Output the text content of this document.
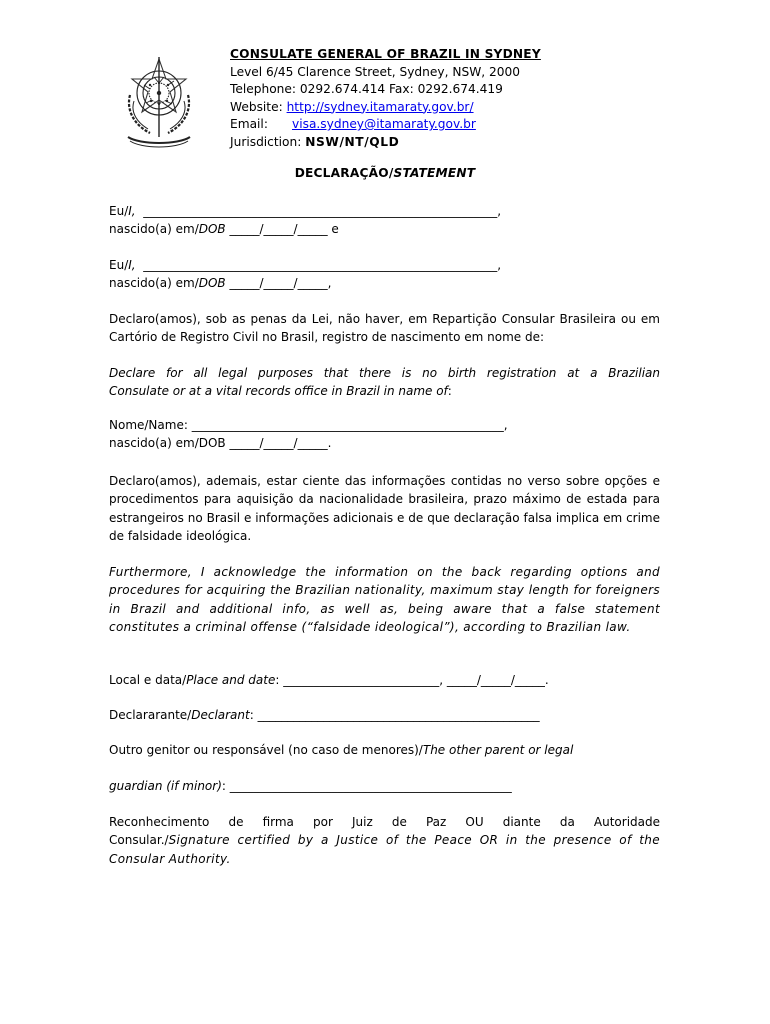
CONSULATE GENERAL OF BRAZIL IN SYDNEY
Level 6/45 Clarence Street, Sydney, NSW, 2000
Telephone: 0292.674.414 Fax: 0292.674.419
Website: http://sydney.itamaraty.gov.br/
Email: visa.sydney@itamaraty.gov.br
Jurisdiction: NSW/NT/QLD
DECLARAÇÃO/STATEMENT
Eu/I,  ___________________________________________________________,
nascido(a) em/DOB _____/_____/_____ e
Eu/I,  ___________________________________________________________,
nascido(a) em/DOB _____/_____/_____,
Declaro(amos), sob as penas da Lei, não haver, em Repartição Consular Brasileira ou em Cartório de Registro Civil no Brasil, registro de nascimento em nome de:
Declare for all legal purposes that there is no birth registration at a Brazilian
Consulate or at a vital records office in Brazil in name of:
Nome/Name: ____________________________________________________,
nascido(a) em/DOB _____/_____/_____.
Declaro(amos), ademais, estar ciente das informações contidas no verso sobre opções e procedimentos para aquisição da nacionalidade brasileira, prazo máximo de estada para estrangeiros no Brasil e informações adicionais e de que declaração falsa implica em crime de falsidade ideológica.
Furthermore, I acknowledge the information on the back regarding options and procedures for acquiring the Brazilian nationality, maximum stay length for foreigners in Brazil and additional info, as well as, being aware that a false statement constitutes a criminal offense (“falsidade ideological”), according to Brazilian law.
Local e data/Place and date: __________________________, _____/_____/_____.
Declararante/Declarant: _______________________________________________
Outro genitor ou responsável (no caso de menores)/The other parent or legal
guardian (if minor): _______________________________________________
Reconhecimento de firma por Juiz de Paz OU diante da Autoridade
Consular./Signature certified by a Justice of the Peace OR in the presence of the
Consular Authority.
